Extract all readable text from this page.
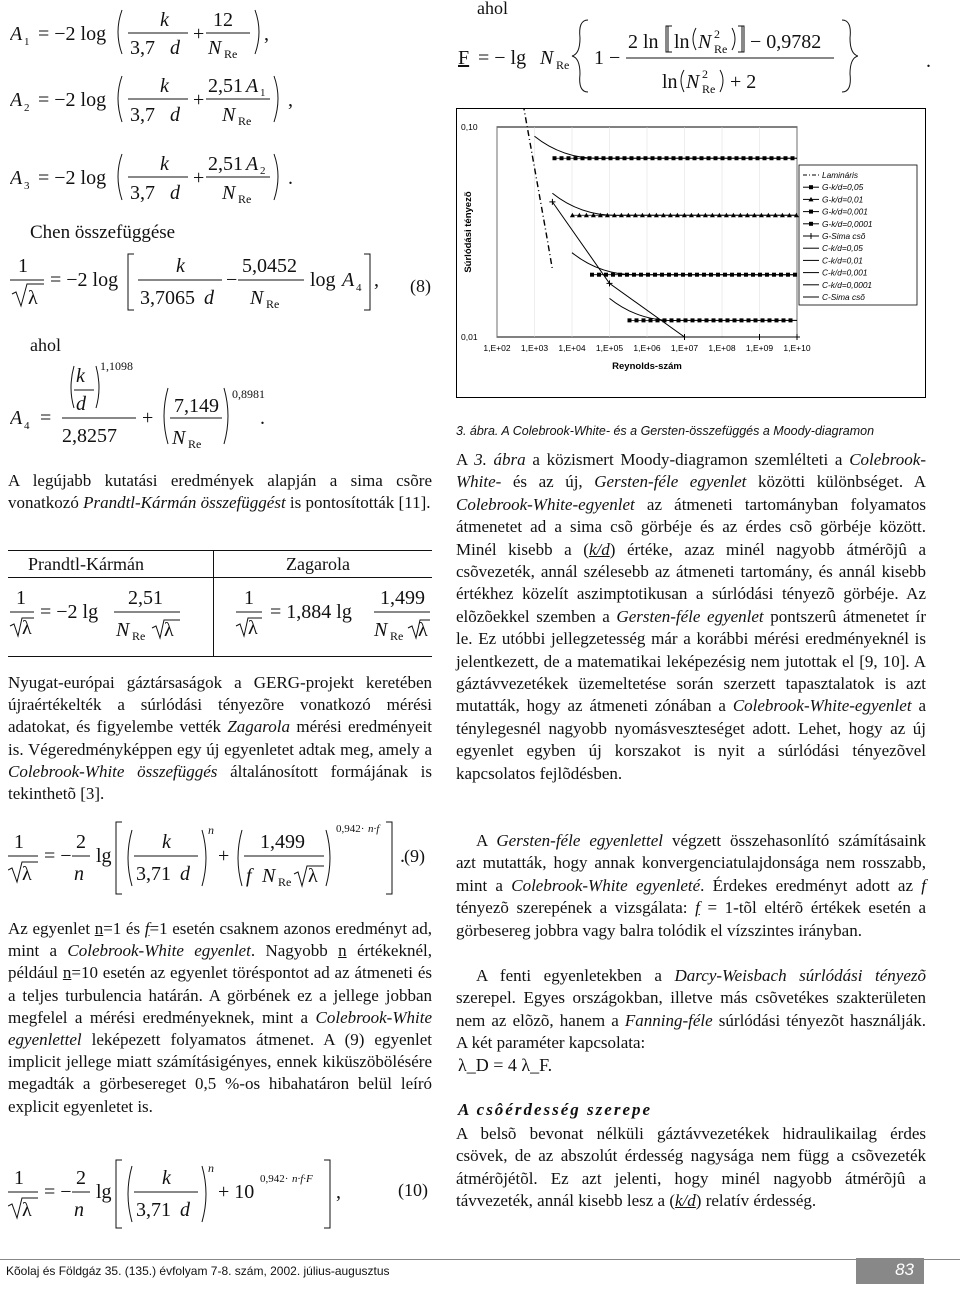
A 1 = −2 log
k
3,7 d
+
12
N Re
,
A 2 = −2 log
k
3,7 d
+
2,51 A 1
N Re
,
A 3 = −2 log
k
3,7 d
+
2,51 A 2
N Re
.
Chen összefüggése
1
λ
= −2 log
k
3,7065 d
−
5,0452
N Re
log A 4 , (8)
ahol
A 4 =
k
d
1,1098
2,8257
+
7,149
N Re
0,8981
.
A legújabb kutatási eredmények alapján a sima csõre vonatkozó Prandtl-Kármán összefüggést is pontosították [11].
Prandtl-Kármán	Zagarola
1
λ
= −2 lg
2,51
N Re λ
1
λ
= 1,884 lg
1,499
N Re λ
Nyugat-európai gáztársaságok a GERG-projekt keretében újraértékelték a súrlódási tényezõre vonatkozó mérési adatokat, és figyelembe vették Zagarola mérési eredményeit is. Végeredményképpen egy új egyenletet adtak meg, amely a Colebrook-White összefüggés általánosított formájának is tekinthetõ [3].
1
λ
= −
2
n
lg
k
3,71 d
n
+
1,499
f N Re λ
0,942· n·f
. (9)
Az egyenlet n=1 és f=1 esetén csaknem azonos eredményt ad, mint a Colebrook-White egyenlet. Nagyobb n értékeknél, például n=10 esetén az egyenlet töréspontot ad az átmeneti és a teljes turbulencia határán. A görbének ez a jellege jobban megfelel a mérési eredményeknek, mint a Colebrook-White egyenlettel leképezett folyamatos átmenet. A (9) egyenlet implicit jellege miatt számításigényes, ennek kiküszöbölésére megadták a görbesereget 0,5 %-os hibahatáron belül leíró explicit egyenletet is.
1
λ
= −
2
n
lg
k
3,71 d
n
+ 10
0,942· n·f·F
,	(10)
ahol
F = − lg N Re 1 −
2 ln ln N 2
Re − 0,9782
ln N 2
Re + 2
.
1,E+02 1,E+03 1,E+04 1,E+05 1,E+06 1,E+07 1,E+08 1,E+09 1,E+10
0,10
0,01
Reynolds-szám
Súrlódási tényezõ
Lamináris
G-k/d=0,05
G-k/d=0,01
G-k/d=0,001
G-k/d=0,0001
G-Sima csõ
C-k/d=0,05
C-k/d=0,01
C-k/d=0,001
C-k/d=0,0001
C-Sima csõ
3. ábra. A Colebrook-White- és a Gersten-összefüggés a Moody-diagramon
A 3. ábra a közismert Moody-diagramon szemlélteti a Colebrook-White- és az új, Gersten-féle egyenlet közötti különbséget. A Colebrook-White-egyenlet az átmeneti tartományban folyamatos átmenetet ad a sima csõ görbéje és az érdes csõ görbéje között. Minél kisebb a (k/d) értéke, azaz minél nagyobb átmérõjû a csõvezeték, annál szélesebb az átmeneti tartomány, és annál kisebb értékhez közelít aszimptotikusan a súrlódási tényezõ görbéje. Az elõzõekkel szemben a Gersten-féle egyenlet pontszerû átmenetet ír le. Ez utóbbi jellegzetesség már a korábbi mérési eredményeknél is jelentkezett, de a matematikai leképezésig nem jutottak el [9, 10]. A gáztávvezetékek üzemeltetése során szerzett tapasztalatok is azt mutatták, hogy az átmeneti zónában a Colebrook-White-egyenlet a ténylegesnél nagyobb nyomásveszteséget adott. Lehet, hogy az új egyenlet egyben új korszakot is nyit a súrlódási tényezõvel kapcsolatos fejlõdésben.
A Gersten-féle egyenlettel végzett összehasonlító számításaink azt mutatták, hogy annak konvergenciatulajdonsága nem rosszabb, mint a Colebrook-White egyenleté. Érdekes eredményt adott az f tényezõ szerepének a vizsgálata: f = 1-tõl eltérõ értékek esetén a görbesereg jobbra vagy balra tolódik el vízszintes irányban.
A fenti egyenletekben a Darcy-Weisbach súrlódási tényezõ szerepel. Egyes országokban, illetve más csõvetékes szakterületen nem az elõzõ, hanem a Fanning-féle súrlódási tényezõt használják. A két paraméter kapcsolata:
λ_D = 4 λ_F.
A csôérdesség szerepe
A belsõ bevonat nélküli gáztávvezetékek hidraulikailag érdes csövek, de az abszolút érdesség nagysága nem függ a csõvezeték átmérõjétõl. Ez azt jelenti, hogy minél nagyobb átmérõjû a távvezeték, annál kisebb lesz a (k/d) relatív érdesség.
Kõolaj és Földgáz 35. (135.) évfolyam 7-8. szám, 2002. július-augusztus	83
